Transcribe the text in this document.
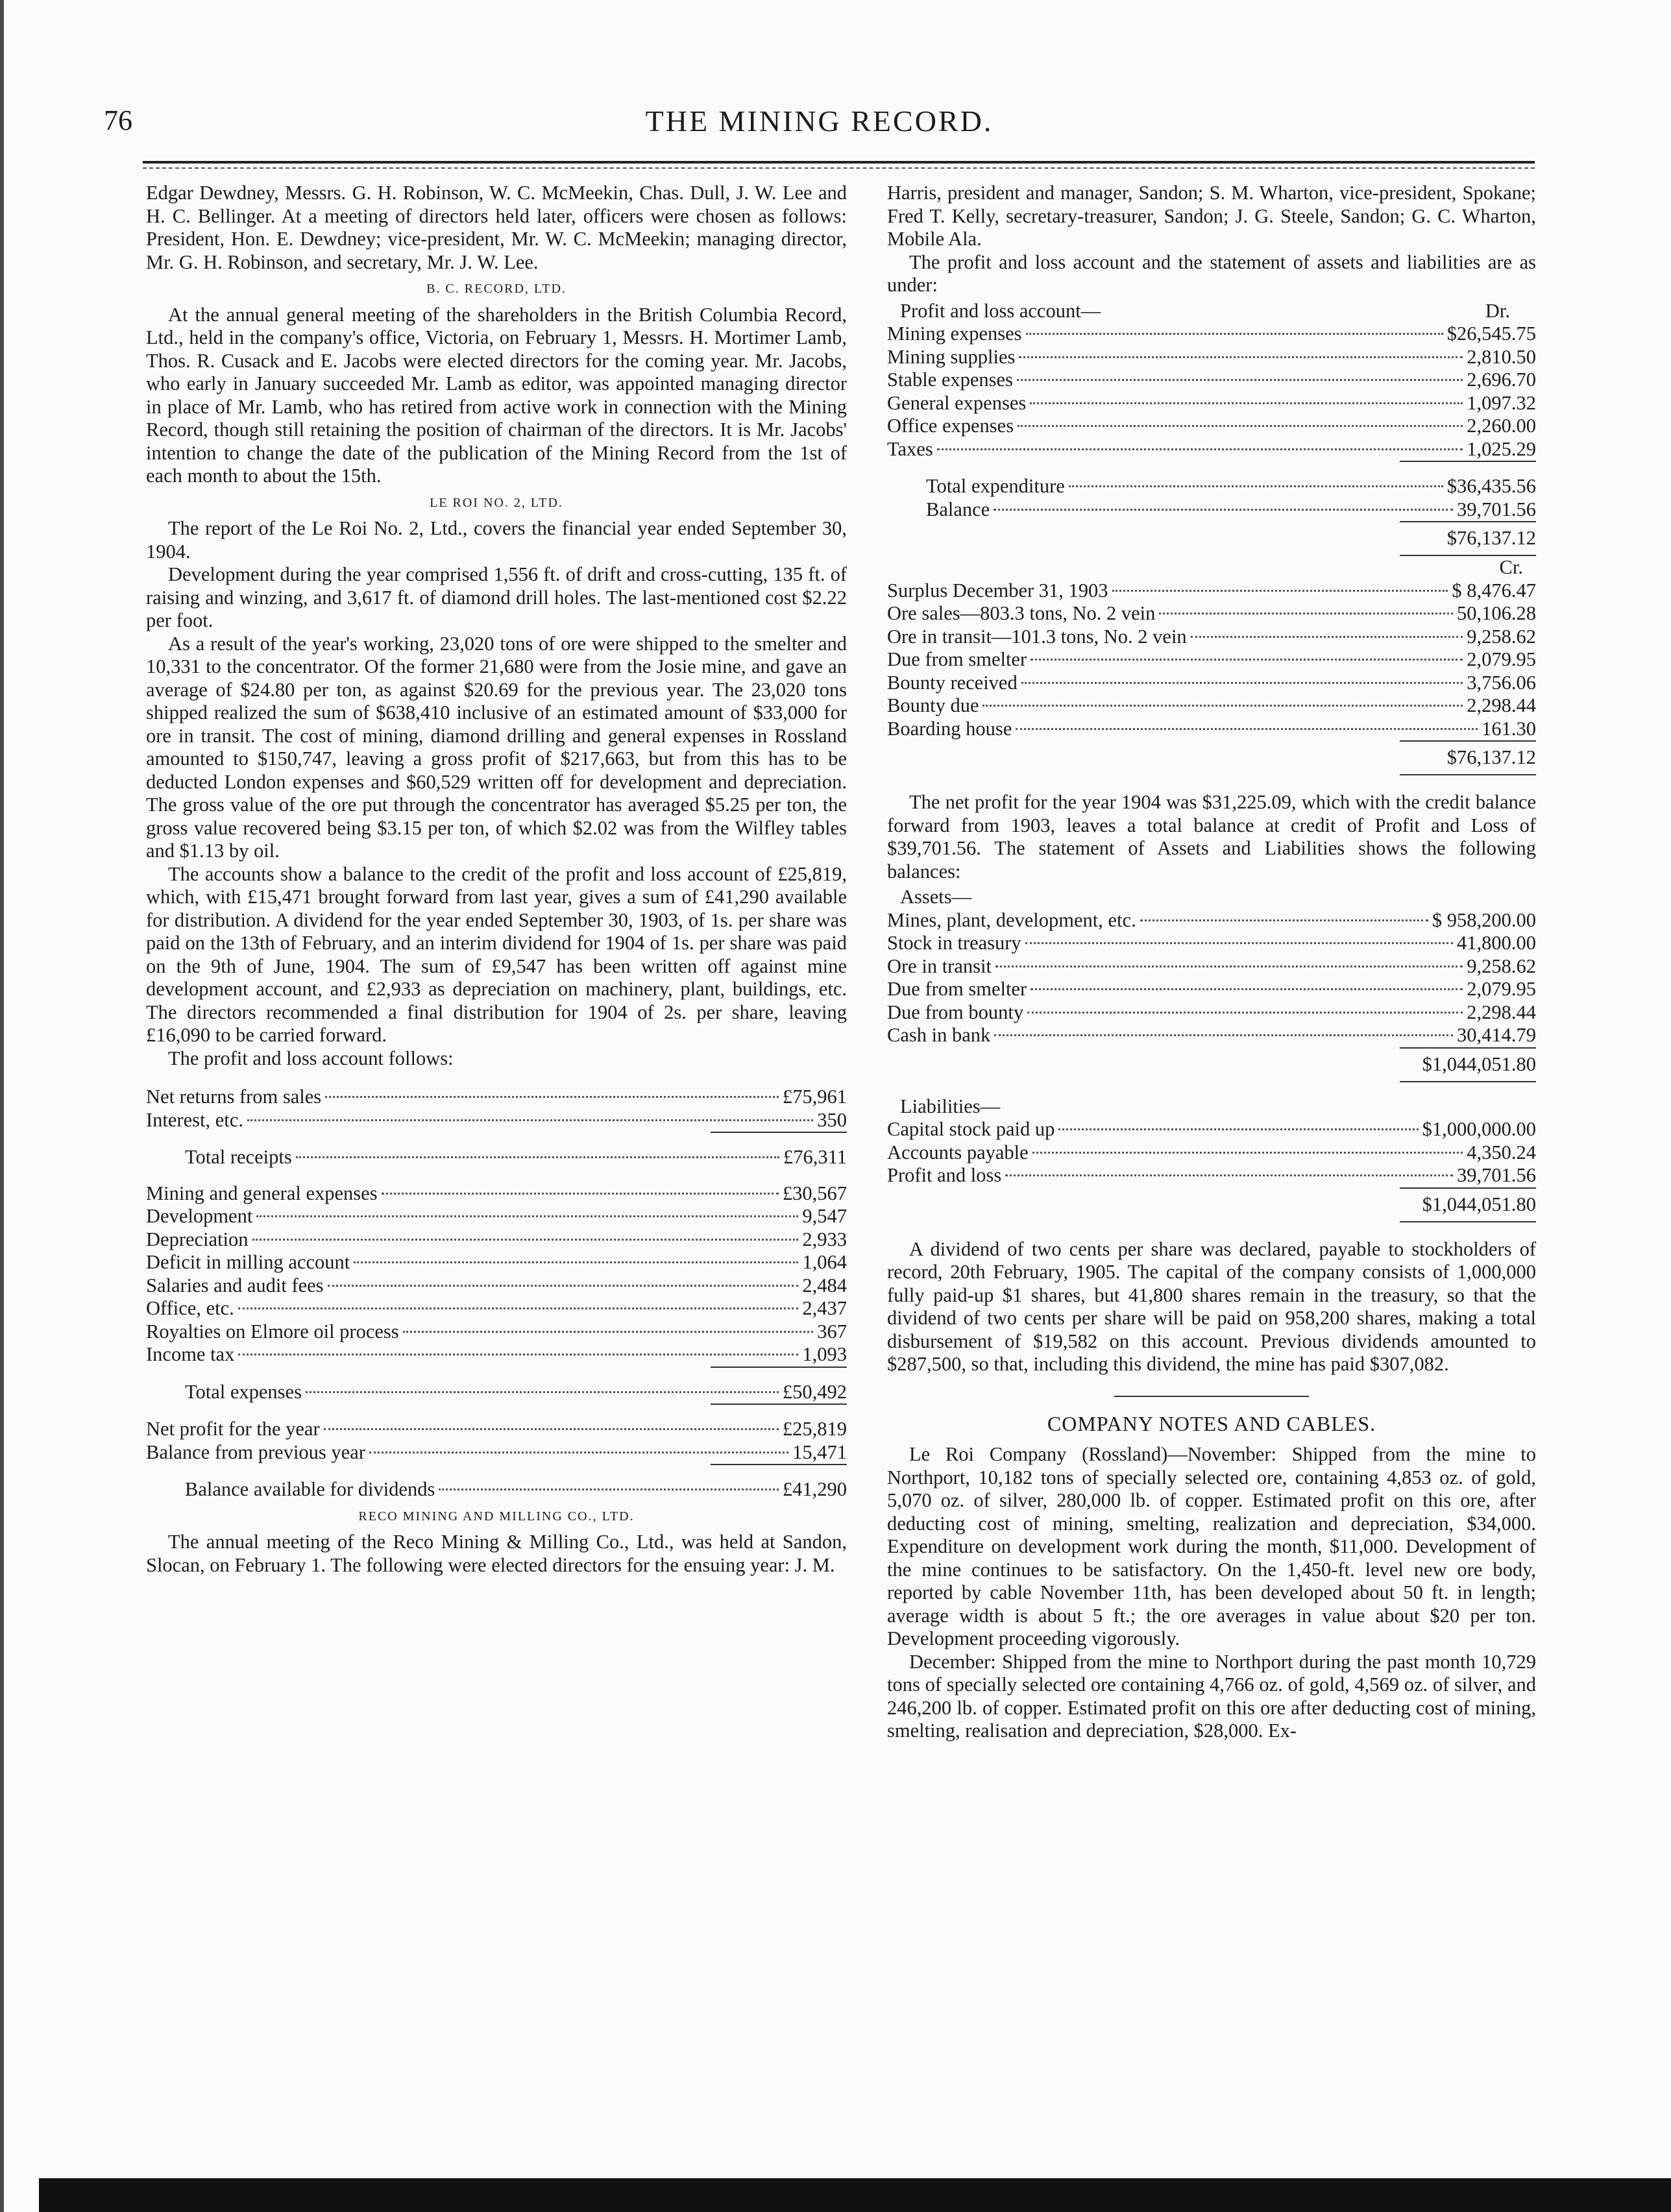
76	THE MINING RECORD.

Edgar Dewdney, Messrs. G. H. Robinson, W. C. McMeekin, Chas. Dull, J. W. Lee and H. C. Bellinger. At a meeting of directors held later, officers were chosen as follows: President, Hon. E. Dewdney; vice-president, Mr. W. C. McMeekin; managing director, Mr. G. H. Robinson, and secretary, Mr. J. W. Lee.

B. C. RECORD, LTD.

At the annual general meeting of the shareholders in the British Columbia Record, Ltd., held in the company's office, Victoria, on February 1, Messrs. H. Mortimer Lamb, Thos. R. Cusack and E. Jacobs were elected directors for the coming year. Mr. Jacobs, who early in January succeeded Mr. Lamb as editor, was appointed managing director in place of Mr. Lamb, who has retired from active work in connection with the Mining Record, though still retaining the position of chairman of the directors. It is Mr. Jacobs' intention to change the date of the publication of the Mining Record from the 1st of each month to about the 15th.

LE ROI NO. 2, LTD.

The report of the Le Roi No. 2, Ltd., covers the financial year ended September 30, 1904.

Development during the year comprised 1,556 ft. of drift and cross-cutting, 135 ft. of raising and winzing, and 3,617 ft. of diamond drill holes. The last-mentioned cost $2.22 per foot.

As a result of the year's working, 23,020 tons of ore were shipped to the smelter and 10,331 to the concentrator. Of the former 21,680 were from the Josie mine, and gave an average of $24.80 per ton, as against $20.69 for the previous year. The 23,020 tons shipped realized the sum of $638,410 inclusive of an estimated amount of $33,000 for ore in transit. The cost of mining, diamond drilling and general expenses in Rossland amounted to $150,747, leaving a gross profit of $217,663, but from this has to be deducted London expenses and $60,529 written off for development and depreciation. The gross value of the ore put through the concentrator has averaged $5.25 per ton, the gross value recovered being $3.15 per ton, of which $2.02 was from the Wilfley tables and $1.13 by oil.

The accounts show a balance to the credit of the profit and loss account of £25,819, which, with £15,471 brought forward from last year, gives a sum of £41,290 available for distribution. A dividend for the year ended September 30, 1903, of 1s. per share was paid on the 13th of February, and an interim dividend for 1904 of 1s. per share was paid on the 9th of June, 1904. The sum of £9,547 has been written off against mine development account, and £2,933 as depreciation on machinery, plant, buildings, etc. The directors recommended a final distribution for 1904 of 2s. per share, leaving £16,090 to be carried forward.

The profit and loss account follows:

Net returns from sales	£75,961
Interest, etc.	350
Total receipts	£76,311
Mining and general expenses	£30,567
Development	9,547
Depreciation	2,933
Deficit in milling account	1,064
Salaries and audit fees	2,484
Office, etc.	2,437
Royalties on Elmore oil process	367
Income tax	1,093
Total expenses	£50,492
Net profit for the year	£25,819
Balance from previous year	15,471
Balance available for dividends	£41,290
RECO MINING AND MILLING CO., LTD.

The annual meeting of the Reco Mining & Milling Co., Ltd., was held at Sandon, Slocan, on February 1. The following were elected directors for the ensuing year: J. M.

Harris, president and manager, Sandon; S. M. Wharton, vice-president, Spokane; Fred T. Kelly, secretary-treasurer, Sandon; J. G. Steele, Sandon; G. C. Wharton, Mobile Ala.

The profit and loss account and the statement of assets and liabilities are as under:

Profit and loss account—	Dr.
Mining expenses	$26,545.75
Mining supplies	2,810.50
Stable expenses	2,696.70
General expenses	1,097.32
Office expenses	2,260.00
Taxes	1,025.29
Total expenditure	$36,435.56
Balance	39,701.56
$76,137.12
Cr.
Surplus December 31, 1903	$ 8,476.47
Ore sales—803.3 tons, No. 2 vein	50,106.28
Ore in transit—101.3 tons, No. 2 vein	9,258.62
Due from smelter	2,079.95
Bounty received	3,756.06
Bounty due	2,298.44
Boarding house	161.30
$76,137.12

The net profit for the year 1904 was $31,225.09, which with the credit balance forward from 1903, leaves a total balance at credit of Profit and Loss of $39,701.56. The statement of Assets and Liabilities shows the following balances:

Assets—
Mines, plant, development, etc.	$ 958,200.00
Stock in treasury	41,800.00
Ore in transit	9,258.62
Due from smelter	2,079.95
Due from bounty	2,298.44
Cash in bank	30,414.79
$1,044,051.80
Liabilities—
Capital stock paid up	$1,000,000.00
Accounts payable	4,350.24
Profit and loss	39,701.56
$1,044,051.80

A dividend of two cents per share was declared, payable to stockholders of record, 20th February, 1905. The capital of the company consists of 1,000,000 fully paid-up $1 shares, but 41,800 shares remain in the treasury, so that the dividend of two cents per share will be paid on 958,200 shares, making a total disbursement of $19,582 on this account. Previous dividends amounted to $287,500, so that, including this dividend, the mine has paid $307,082.

COMPANY NOTES AND CABLES.

Le Roi Company (Rossland)—November: Shipped from the mine to Northport, 10,182 tons of specially selected ore, containing 4,853 oz. of gold, 5,070 oz. of silver, 280,000 lb. of copper. Estimated profit on this ore, after deducting cost of mining, smelting, realization and depreciation, $34,000. Expenditure on development work during the month, $11,000. Development of the mine continues to be satisfactory. On the 1,450-ft. level new ore body, reported by cable November 11th, has been developed about 50 ft. in length; average width is about 5 ft.; the ore averages in value about $20 per ton. Development proceeding vigorously.

December: Shipped from the mine to Northport during the past month 10,729 tons of specially selected ore containing 4,766 oz. of gold, 4,569 oz. of silver, and 246,200 lb. of copper. Estimated profit on this ore after deducting cost of mining, smelting, realisation and depreciation, $28,000. Ex-
